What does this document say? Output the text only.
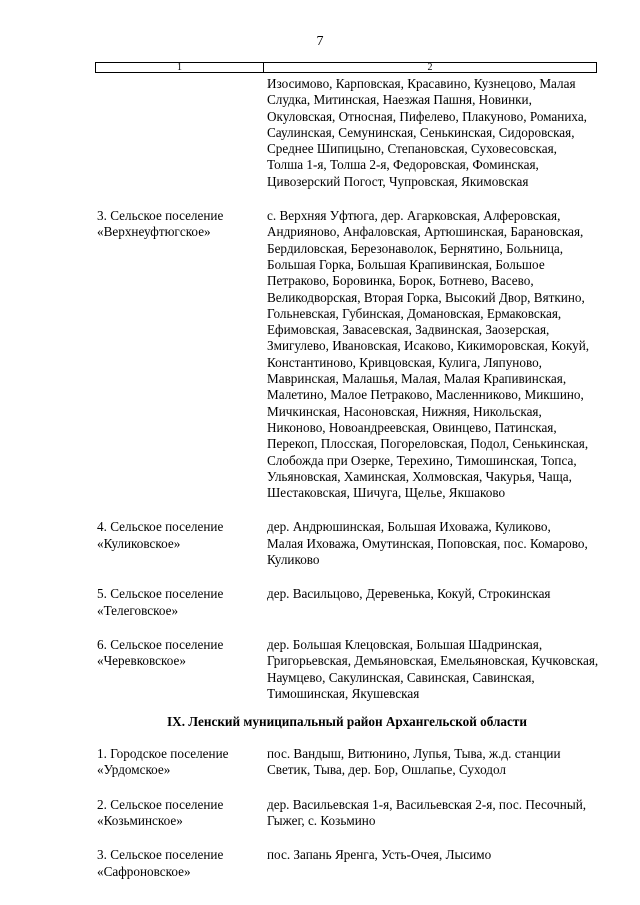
7
1	2
Изосимово, Карповская, Красавино, Кузнецово, Малая
Слудка, Митинская, Наезжая Пашня, Новинки,
Окуловская, Относная, Пифелево, Плакуново, Романиха,
Саулинская, Семунинская, Сенькинская, Сидоровская,
Среднее Шипицыно, Степановская, Суховесовская,
Толша 1-я, Толша 2-я, Федоровская, Фоминская,
Цивозерский Погост, Чупровская, Якимовская
3. Сельское поселение
«Верхнеуфтюгское»
с. Верхняя Уфтюга, дер. Агарковская, Алферовская,
Андрияново, Анфаловская, Артюшинская, Барановская,
Бердиловская, Березонаволок, Бернятино, Больница,
Большая Горка, Большая Крапивинская, Большое
Петраково, Боровинка, Борок, Ботнево, Васево,
Великодворская, Вторая Горка, Высокий Двор, Вяткино,
Гольневская, Губинская, Домановская, Ермаковская,
Ефимовская, Завасевская, Задвинская, Заозерская,
Змигулево, Ивановская, Исаково, Кикиморовская, Кокуй,
Константиново, Кривцовская, Кулига, Ляпуново,
Мавринская, Малашья, Малая, Малая Крапивинская,
Малетино, Малое Петраково, Масленниково, Микшино,
Мичкинская, Насоновская, Нижняя, Никольская,
Никоново, Новоандреевская, Овинцево, Патинская,
Перекоп, Плосская, Погореловская, Подол, Сенькинская,
Слобожда при Озерке, Терехино, Тимошинская, Топса,
Ульяновская, Хаминская, Холмовская, Чакурья, Чаща,
Шестаковская, Шичуга, Щелье, Якшаково
4. Сельское поселение
«Куликовское»
дер. Андрюшинская, Большая Иховажа, Куликово,
Малая Иховажа, Омутинская, Поповская, пос. Комарово,
Куликово
5. Сельское поселение
«Телеговское»
дер. Васильцово, Деревенька, Кокуй, Строкинская
6. Сельское поселение
«Черевковское»
дер. Большая Клецовская, Большая Шадринская,
Григорьевская, Демьяновская, Емельяновская, Кучковская,
Наумцево, Сакулинская, Савинская, Савинская,
Тимошинская, Якушевская
IX. Ленский муниципальный район Архангельской области
1. Городское поселение
«Урдомское»
пос. Вандыш, Витюнино, Лупья, Тыва, ж.д. станции
Светик, Тыва, дер. Бор, Ошлапье, Суходол
2. Сельское поселение
«Козьминское»
дер. Васильевская 1-я, Васильевская 2-я, пос. Песочный,
Гыжег, с. Козьмино
3. Сельское поселение
«Сафроновское»
пос. Запань Яренга, Усть-Очея, Лысимо
